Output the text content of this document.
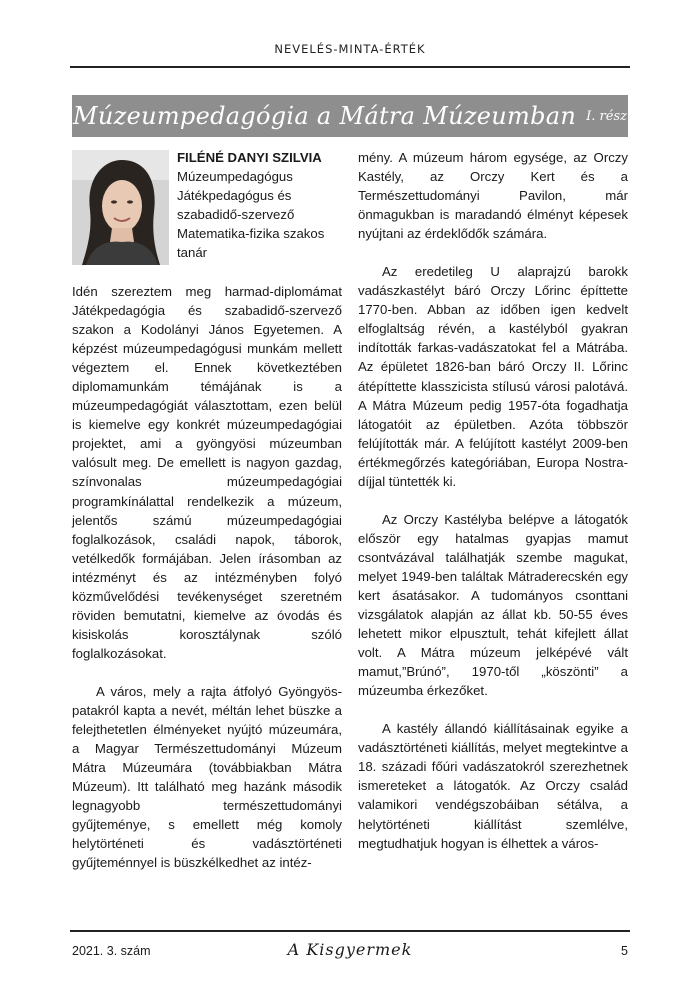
NEVELÉS-MINTA-ÉRTÉK
Múzeumpedagógia a Mátra Múzeumban I. rész
FILÉNÉ DANYI SZILVIA
Múzeumpedagógus
Játékpedagógus és
szabadidő-szervező
Matematika-fizika szakos
tanár

Idén szereztem meg harmad-diplomámat Játékpedagógia és szabadidő-szervező szakon a Kodolányi János Egyetemen. A képzést múzeumpedagógusi munkám mellett végeztem el. Ennek következtében diplomamunkám témájának is a múzeumpedagógiát választottam, ezen belül is kiemelve egy konkrét múzeumpedagógiai projektet, ami a gyöngyösi múzeumban valósult meg. De emellett is nagyon gazdag, színvonalas múzeumpedagógiai programkínálattal rendelkezik a múzeum, jelentős számú múzeumpedagógiai foglalkozások, családi napok, táborok, vetélkedők formájában. Jelen írásomban az intézményt és az intézményben folyó közművelődési tevékenységet szeretném röviden bemutatni, kiemelve az óvodás és kisiskolás korosztálynak szóló foglalkozásokat.

A város, mely a rajta átfolyó Gyöngyös-patakról kapta a nevét, méltán lehet büszke a felejthetetlen élményeket nyújtó múzeumára, a Magyar Természettudományi Múzeum Mátra Múzeumára (továbbiakban Mátra Múzeum). Itt található meg hazánk második legnagyobb természettudományi gyűjteménye, s emellett még komoly helytörténeti és vadásztörténeti gyűjteménnyel is büszkélkedhet az intéz-

mény. A múzeum három egysége, az Orczy Kastély, az Orczy Kert és a Természettudományi Pavilon, már önmagukban is maradandó élményt képesek nyújtani az érdeklődők számára.

Az eredetileg U alaprajzú barokk vadászkastélyt báró Orczy Lőrinc építtette 1770-ben. Abban az időben igen kedvelt elfoglaltság révén, a kastélyból gyakran indították farkas-vadászatokat fel a Mátrába. Az épületet 1826-ban báró Orczy II. Lőrinc átépíttette klasszicista stílusú városi palotává. A Mátra Múzeum pedig 1957-óta fogadhatja látogatóit az épületben. Azóta többször felújították már. A felújított kastélyt 2009-ben értékmegőrzés kategóriában, Europa Nostra-díjjal tüntették ki.

Az Orczy Kastélyba belépve a látogatók először egy hatalmas gyapjas mamut csontvázával találhatják szembe magukat, melyet 1949-ben találtak Mátraderecskén egy kert ásatásakor. A tudományos csonttani vizsgálatok alapján az állat kb. 50-55 éves lehetett mikor elpusztult, tehát kifejlett állat volt. A Mátra múzeum jelképévé vált mamut,”Brúnó”, 1970-től „köszönti” a múzeumba érkezőket.

A kastély állandó kiállításainak egyike a vadásztörténeti kiállítás, melyet megtekintve a 18. századi főúri vadászatokról szerezhetnek ismereteket a látogatók. Az Orczy család valamikori vendégszobáiban sétálva, a helytörténeti kiállítást szemlélve, megtudhatjuk hogyan is élhettek a város-

2021. 3. szám	A Kisgyermek	5
